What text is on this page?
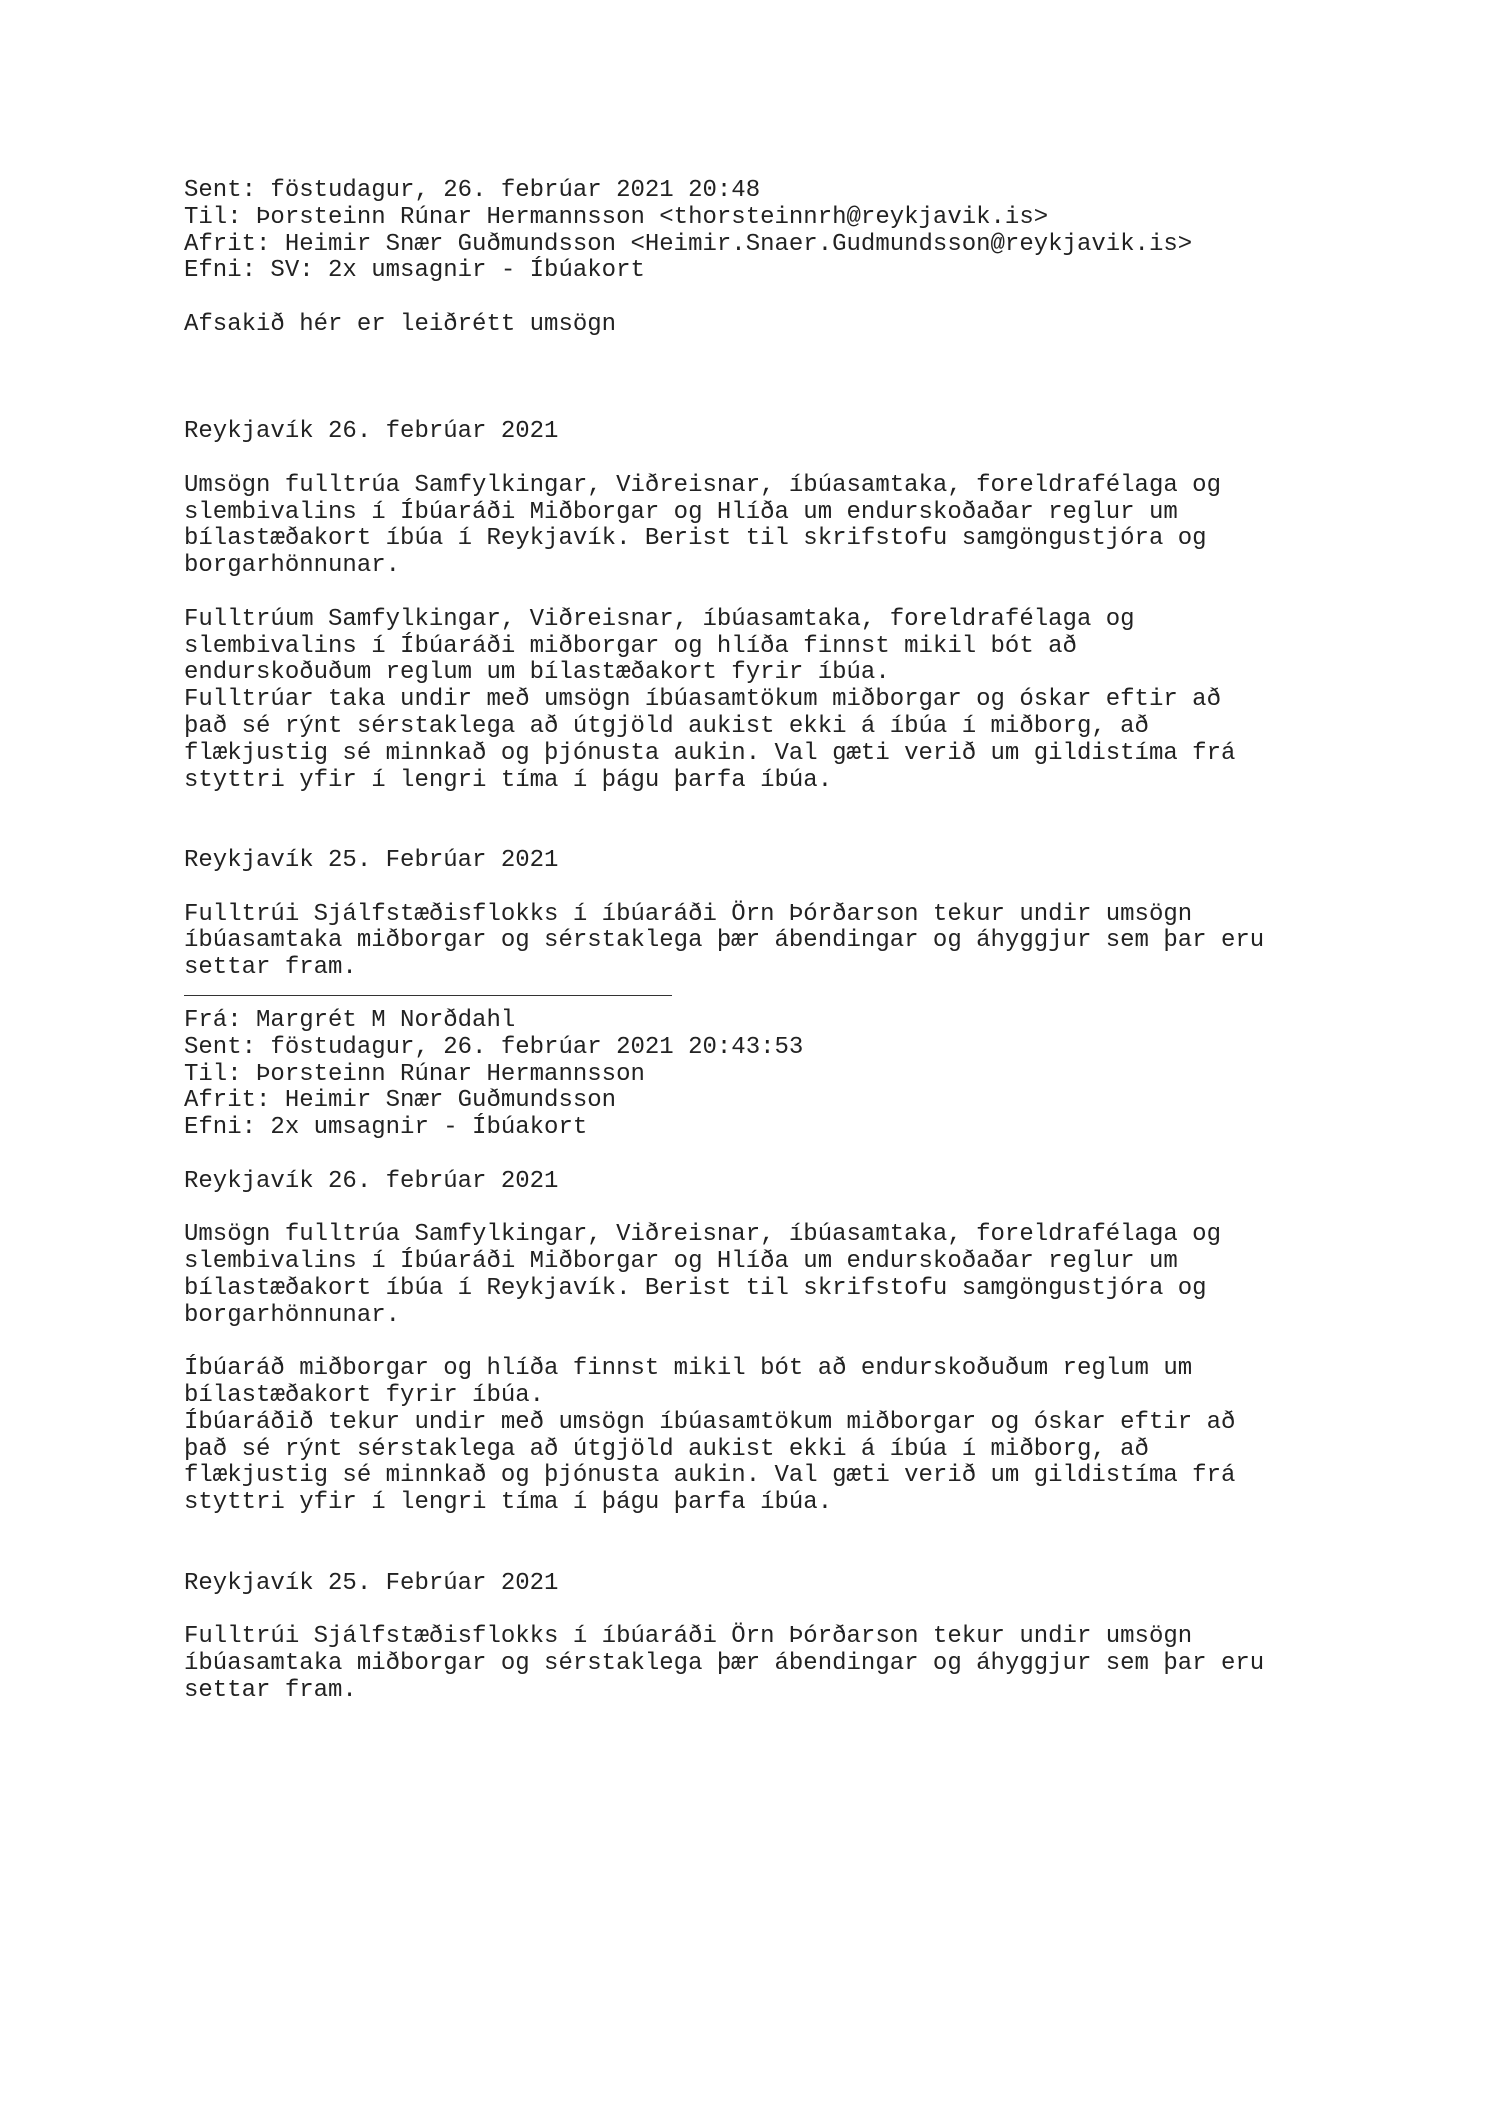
Sent: föstudagur, 26. febrúar 2021 20:48
Til: Þorsteinn Rúnar Hermannsson <thorsteinnrh@reykjavik.is>
Afrit: Heimir Snær Guðmundsson <Heimir.Snaer.Gudmundsson@reykjavik.is>
Efni: SV: 2x umsagnir - Íbúakort
Afsakið hér er leiðrétt umsögn
Reykjavík 26. febrúar 2021
Umsögn fulltrúa Samfylkingar, Viðreisnar, íbúasamtaka, foreldrafélaga og
slembivalins í Íbúaráði Miðborgar og Hlíða um endurskoðaðar reglur um
bílastæðakort íbúa í Reykjavík. Berist til skrifstofu samgöngustjóra og
borgarhönnunar.
Fulltrúum Samfylkingar, Viðreisnar, íbúasamtaka, foreldrafélaga og
slembivalins í Íbúaráði miðborgar og hlíða finnst mikil bót að
endurskoðuðum reglum um bílastæðakort fyrir íbúa.
Fulltrúar taka undir með umsögn íbúasamtökum miðborgar og óskar eftir að
það sé rýnt sérstaklega að útgjöld aukist ekki á íbúa í miðborg, að
flækjustig sé minnkað og þjónusta aukin. Val gæti verið um gildistíma frá
styttri yfir í lengri tíma í þágu þarfa íbúa.
Reykjavík 25. Febrúar 2021
Fulltrúi Sjálfstæðisflokks í íbúaráði Örn Þórðarson tekur undir umsögn
íbúasamtaka miðborgar og sérstaklega þær ábendingar og áhyggjur sem þar eru
settar fram.
Frá: Margrét M Norðdahl
Sent: föstudagur, 26. febrúar 2021 20:43:53
Til: Þorsteinn Rúnar Hermannsson
Afrit: Heimir Snær Guðmundsson
Efni: 2x umsagnir - Íbúakort
Reykjavík 26. febrúar 2021
Umsögn fulltrúa Samfylkingar, Viðreisnar, íbúasamtaka, foreldrafélaga og
slembivalins í Íbúaráði Miðborgar og Hlíða um endurskoðaðar reglur um
bílastæðakort íbúa í Reykjavík. Berist til skrifstofu samgöngustjóra og
borgarhönnunar.
Íbúaráð miðborgar og hlíða finnst mikil bót að endurskoðuðum reglum um
bílastæðakort fyrir íbúa.
Íbúaráðið tekur undir með umsögn íbúasamtökum miðborgar og óskar eftir að
það sé rýnt sérstaklega að útgjöld aukist ekki á íbúa í miðborg, að
flækjustig sé minnkað og þjónusta aukin. Val gæti verið um gildistíma frá
styttri yfir í lengri tíma í þágu þarfa íbúa.
Reykjavík 25. Febrúar 2021
Fulltrúi Sjálfstæðisflokks í íbúaráði Örn Þórðarson tekur undir umsögn
íbúasamtaka miðborgar og sérstaklega þær ábendingar og áhyggjur sem þar eru
settar fram.
